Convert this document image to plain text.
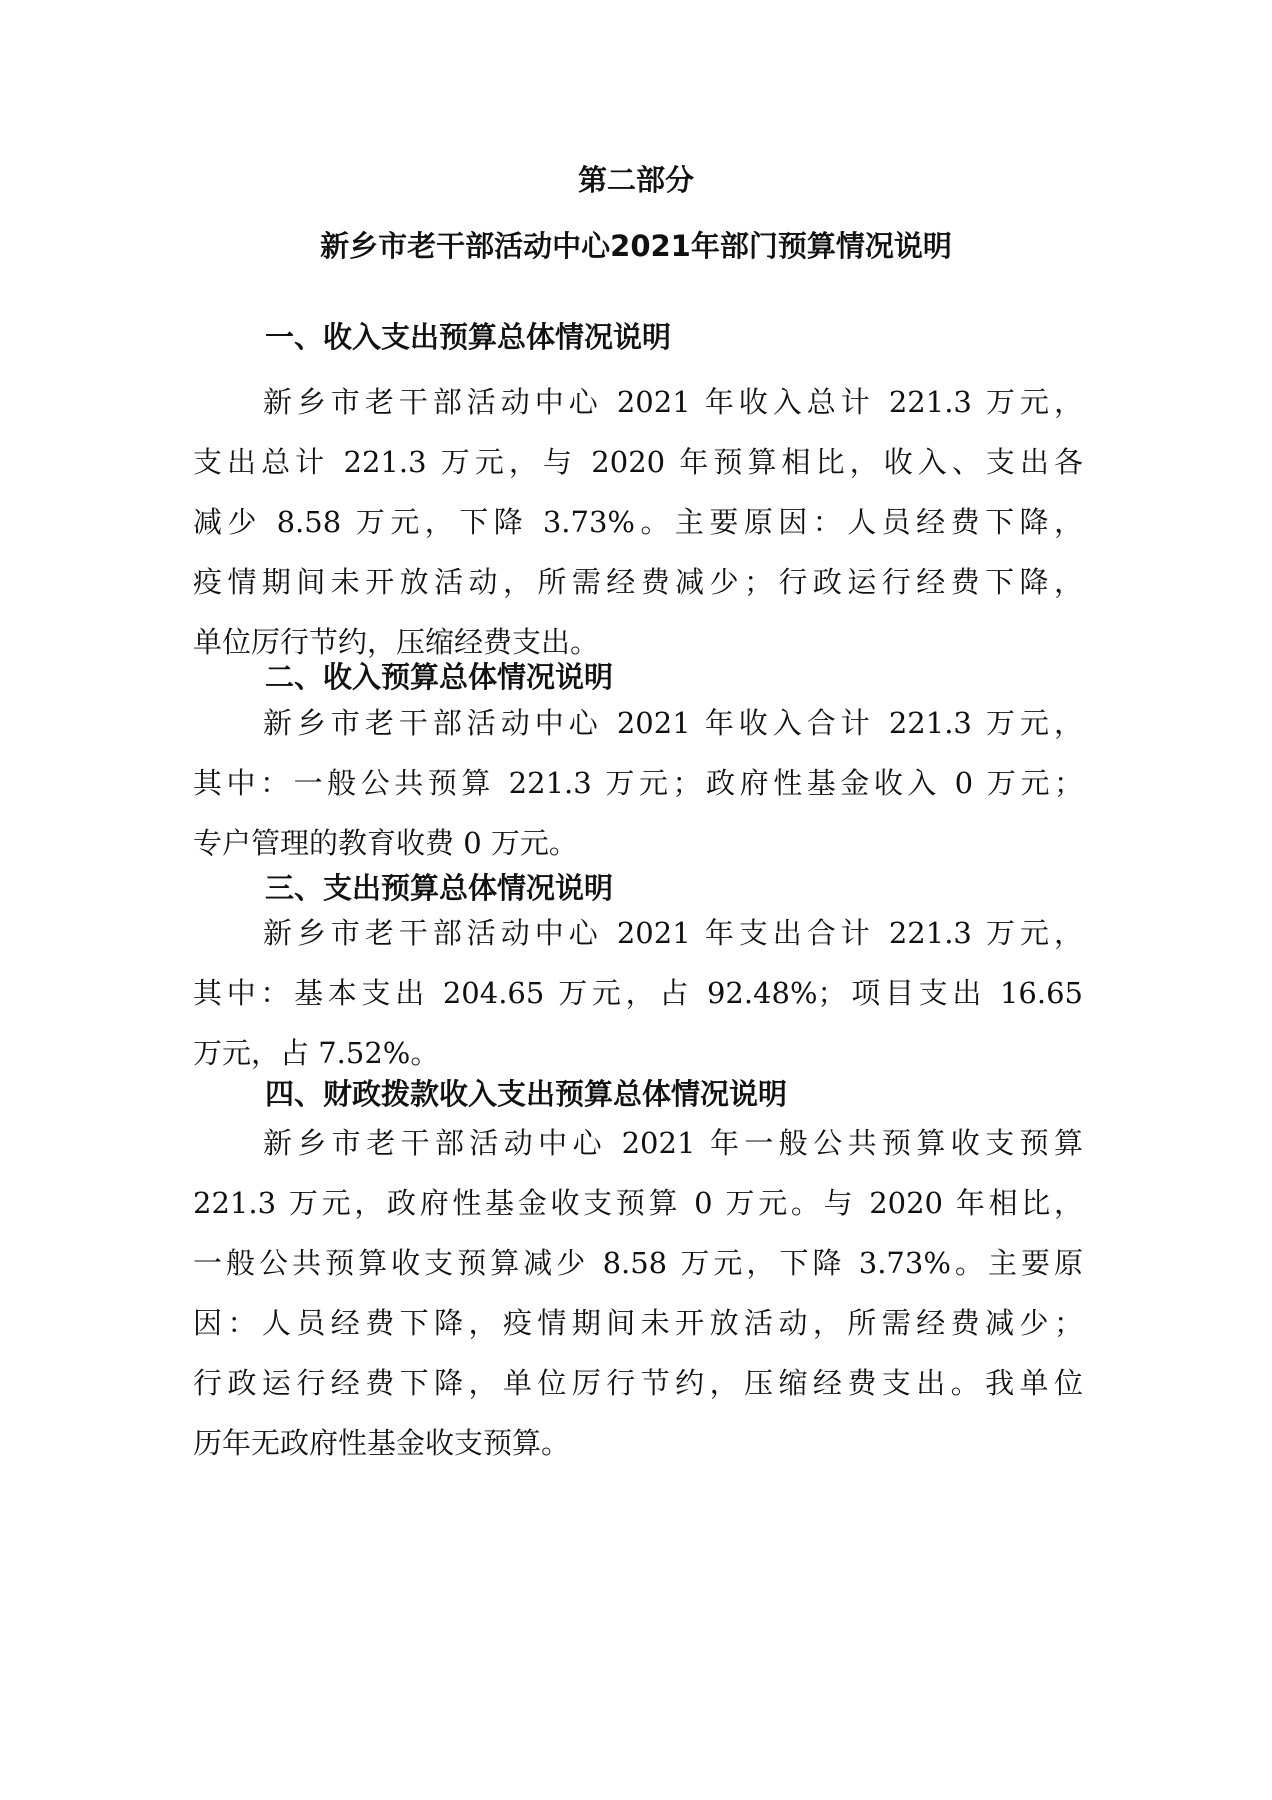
第二部分
新乡市老干部活动中心2021年部门预算情况说明
一、收入支出预算总体情况说明
新乡市老干部活动中心 2021 年收入总计 221.3 万元，
支出总计 221.3 万元，与 2020 年预算相比，收入、支出各
减少 8.58 万元，下降 3.73%。主要原因：人员经费下降，
疫情期间未开放活动，所需经费减少；行政运行经费下降，
单位厉行节约，压缩经费支出。
二、收入预算总体情况说明
新乡市老干部活动中心 2021 年收入合计 221.3 万元，
其中：一般公共预算 221.3 万元；政府性基金收入 0 万元；
专户管理的教育收费 0 万元。
三、支出预算总体情况说明
新乡市老干部活动中心 2021 年支出合计 221.3 万元，
其中：基本支出 204.65 万元，占 92.48%；项目支出 16.65
万元，占 7.52%。
四、财政拨款收入支出预算总体情况说明
新乡市老干部活动中心 2021 年一般公共预算收支预算
221.3 万元，政府性基金收支预算 0 万元。与 2020 年相比，
一般公共预算收支预算减少 8.58 万元，下降 3.73%。主要原
因：人员经费下降，疫情期间未开放活动，所需经费减少；
行政运行经费下降，单位厉行节约，压缩经费支出。我单位
历年无政府性基金收支预算。
